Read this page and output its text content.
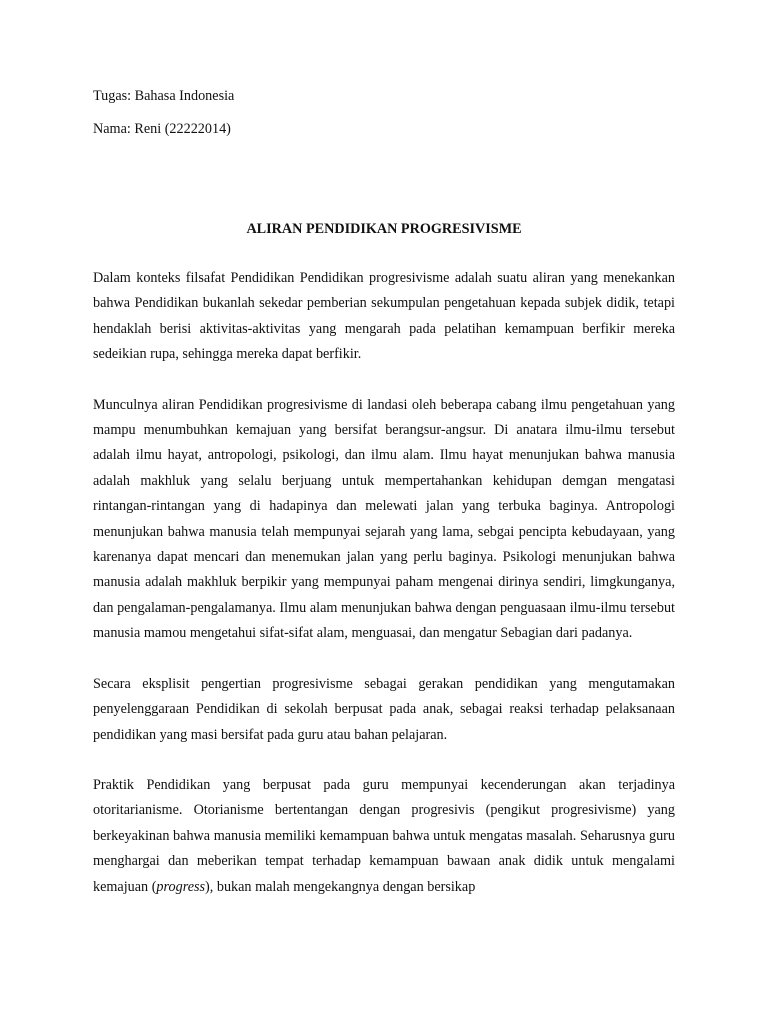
Tugas: Bahasa Indonesia

Nama: Reni (22222014)

ALIRAN PENDIDIKAN PROGRESIVISME

Dalam konteks filsafat Pendidikan Pendidikan progresivisme adalah suatu aliran yang menekankan bahwa Pendidikan bukanlah sekedar pemberian sekumpulan pengetahuan kepada subjek didik, tetapi hendaklah berisi aktivitas-aktivitas yang mengarah pada pelatihan kemampuan berfikir mereka sedeikian rupa, sehingga mereka dapat berfikir.

Munculnya aliran Pendidikan progresivisme di landasi oleh beberapa cabang ilmu pengetahuan yang mampu menumbuhkan kemajuan yang bersifat berangsur-angsur. Di anatara ilmu-ilmu tersebut adalah ilmu hayat, antropologi, psikologi, dan ilmu alam. Ilmu hayat menunjukan bahwa manusia adalah makhluk yang selalu berjuang untuk mempertahankan kehidupan demgan mengatasi rintangan-rintangan yang di hadapinya dan melewati jalan yang terbuka baginya. Antropologi menunjukan bahwa manusia telah mempunyai sejarah yang lama, sebgai pencipta kebudayaan, yang karenanya dapat mencari dan menemukan jalan yang perlu baginya. Psikologi menunjukan bahwa manusia adalah makhluk berpikir yang mempunyai paham mengenai dirinya sendiri, limgkunganya, dan pengalaman-pengalamanya. Ilmu alam menunjukan bahwa dengan penguasaan ilmu-ilmu tersebut manusia mamou mengetahui sifat-sifat alam, menguasai, dan mengatur Sebagian dari padanya.

Secara eksplisit pengertian progresivisme sebagai gerakan pendidikan yang mengutamakan penyelenggaraan Pendidikan di sekolah berpusat pada anak, sebagai reaksi terhadap pelaksanaan pendidikan yang masi bersifat pada guru atau bahan pelajaran.

Praktik Pendidikan yang berpusat pada guru mempunyai kecenderungan akan terjadinya otoritarianisme. Otorianisme bertentangan dengan progresivis (pengikut progresivisme) yang berkeyakinan bahwa manusia memiliki kemampuan bahwa untuk mengatas masalah. Seharusnya guru menghargai dan meberikan tempat terhadap kemampuan bawaan anak didik untuk mengalami kemajuan (progress), bukan malah mengekangnya dengan bersikap
